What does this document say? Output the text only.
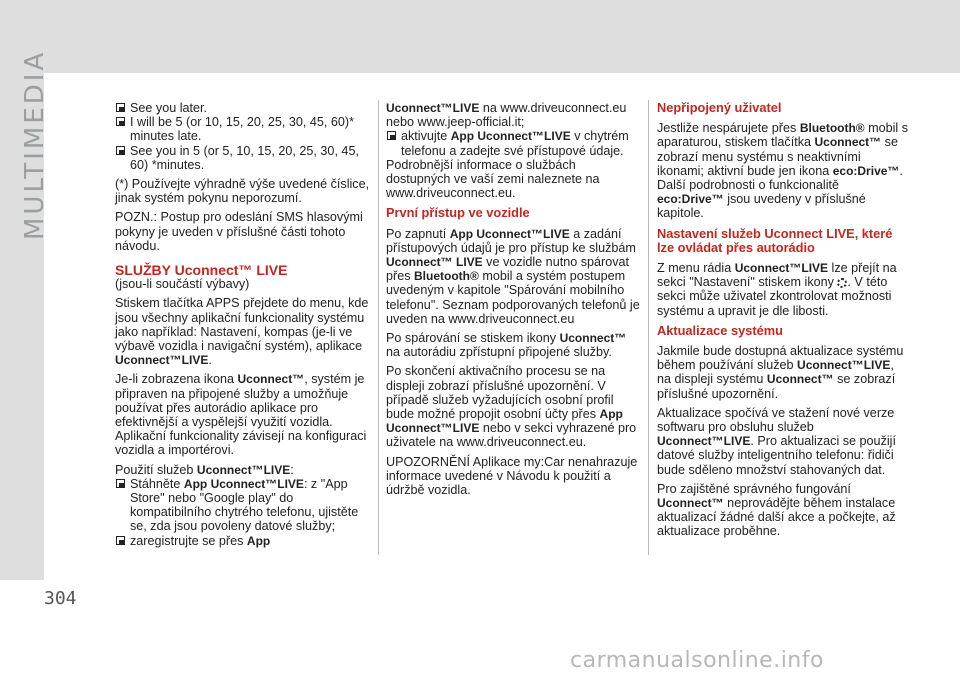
MULTIMEDIA	See you later.

I will be 5 (or 10, 15, 20, 25, 30, 45, 60)* minutes late.

See you in 5 (or 5, 10, 15, 20, 25, 30, 45, 60) *minutes.

(*) Používejte výhradně výše uvedené číslice, jinak systém pokynu neporozumí.

POZN.: Postup pro odeslání SMS hlasovými pokyny je uveden v příslušné části tohoto návodu.

SLUŽBY Uconnect™ LIVE

(jsou-li součástí výbavy)

Stiskem tlačítka APPS přejdete do menu, kde jsou všechny aplikační funkcionality systému jako například: Nastavení, kompas (je-li ve výbavě vozidla i navigační systém), aplikace Uconnect™LIVE.

Je-li zobrazena ikona Uconnect™, systém je připraven na připojené služby a umožňuje používat přes autorádio aplikace pro efektivnější a vyspělejší využití vozidla. Aplikační funkcionality závisejí na konfiguraci vozidla a importérovi.

Použití služeb Uconnect™LIVE:

Stáhněte App Uconnect™LIVE: z "App Store" nebo "Google play" do kompatibilního chytrého telefonu, ujistěte se, zda jsou povoleny datové služby;

zaregistrujte se přes App

Uconnect™LIVE na www.driveuconnect.eu nebo www.jeep-official.it;

aktivujte App Uconnect™LIVE v chytrém telefonu a zadejte své přístupové údaje.

Podrobnější informace o službách dostupných ve vaší zemi naleznete na www.driveuconnect.eu.

První přístup ve vozidle

Po zapnutí App Uconnect™LIVE a zadání přístupových údajů je pro přístup ke službám Uconnect™ LIVE ve vozidle nutno spárovat přes Bluetooth® mobil a systém postupem uvedeným v kapitole "Spárování mobilního telefonu". Seznam podporovaných telefonů je uveden na www.driveuconnect.eu

Po spárování se stiskem ikony Uconnect™ na autorádiu zpřístupní připojené služby.

Po skončení aktivačního procesu se na displeji zobrazí příslušné upozornění. V případě služeb vyžadujících osobní profil bude možné propojit osobní účty přes App Uconnect™LIVE nebo v sekci vyhrazené pro uživatele na www.driveuconnect.eu.

UPOZORNĚNÍ Aplikace my:Car nenahrazuje informace uvedené v Návodu k použití a údržbě vozidla.

Nepřipojený uživatel

Jestliže nespárujete přes Bluetooth® mobil s aparaturou, stiskem tlačítka Uconnect™ se zobrazí menu systému s neaktivními ikonami; aktivní bude jen ikona eco:Drive™. Další podrobnosti o funkcionalitě eco:Drive™ jsou uvedeny v příslušné kapitole.

Nastavení služeb Uconnect LIVE, které lze ovládat přes autorádio

Z menu rádia Uconnect™LIVE lze přejít na sekci "Nastavení" stiskem ikony . V této sekci může uživatel zkontrolovat možnosti systému a upravit je dle libosti.

Aktualizace systému

Jakmile bude dostupná aktualizace systému během používání služeb Uconnect™LIVE, na displeji systému Uconnect™ se zobrazí příslušné upozornění.

Aktualizace spočívá ve stažení nové verze softwaru pro obsluhu služeb Uconnect™LIVE. Pro aktualizaci se použijí datové služby inteligentního telefonu: řidiči bude sděleno množství stahovaných dat.

Pro zajištěné správného fungování Uconnect™ neprovádějte během instalace aktualizací žádné další akce a počkejte, až aktualizace proběhne.

304
carmanualsonline.info
